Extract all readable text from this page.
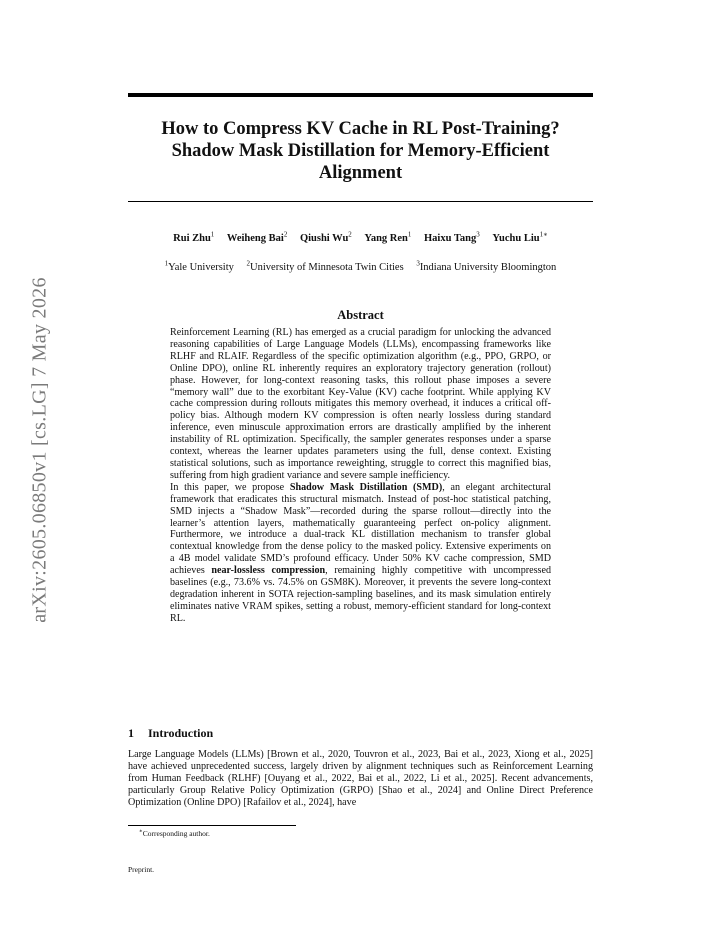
arXiv:2605.06850v1 [cs.LG] 7 May 2026
How to Compress KV Cache in RL Post-Training?
Shadow Mask Distillation for Memory-Efficient
Alignment
Rui Zhu$^1$ Weiheng Bai$^2$ Qiushi Wu$^2$ Yang Ren$^1$ Haixu Tang$^3$ Yuchu Liu$^{1∗}$
$^1$Yale University $^2$University of Minnesota Twin Cities $^3$Indiana University Bloomington
Abstract

Reinforcement Learning (RL) has emerged as a crucial paradigm for unlocking the advanced reasoning capabilities of Large Language Models (LLMs), encompassing frameworks like RLHF and RLAIF. Regardless of the specific optimization algorithm (e.g., PPO, GRPO, or Online DPO), online RL inherently requires an exploratory trajectory generation (rollout) phase. However, for long-context reasoning tasks, this rollout phase imposes a severe “memory wall” due to the exorbitant Key-Value (KV) cache footprint. While applying KV cache compression during rollouts mitigates this memory overhead, it induces a critical off-policy bias. Although modern KV compression is often nearly lossless during standard inference, even minuscule approximation errors are drastically amplified by the inherent instability of RL optimization. Specifically, the sampler generates responses under a sparse context, whereas the learner updates parameters using the full, dense context. Existing statistical solutions, such as importance reweighting, struggle to correct this magnified bias, suffering from high gradient variance and severe sample inefficiency.

In this paper, we propose Shadow Mask Distillation (SMD), an elegant architectural framework that eradicates this structural mismatch. Instead of post-hoc statistical patching, SMD injects a “Shadow Mask”—recorded during the sparse rollout—directly into the learner’s attention layers, mathematically guaranteeing perfect on-policy alignment. Furthermore, we introduce a dual-track KL distillation mechanism to transfer global contextual knowledge from the dense policy to the masked policy. Extensive experiments on a 4B model validate SMD’s profound efficacy. Under 50% KV cache compression, SMD achieves near-lossless compression, remaining highly competitive with uncompressed baselines (e.g., 73.6% vs. 74.5% on GSM8K). Moreover, it prevents the severe long-context degradation inherent in SOTA rejection-sampling baselines, and its mask simulation entirely eliminates native VRAM spikes, setting a robust, memory-efficient standard for long-context RL.

1 Introduction

Large Language Models (LLMs) [Brown et al., 2020, Touvron et al., 2023, Bai et al., 2023, Xiong et al., 2025] have achieved unprecedented success, largely driven by alignment techniques such as Reinforcement Learning from Human Feedback (RLHF) [Ouyang et al., 2022, Bai et al., 2022, Li et al., 2025]. Recent advancements, particularly Group Relative Policy Optimization (GRPO) [Shao et al., 2024] and Online Direct Preference Optimization (Online DPO) [Rafailov et al., 2024], have

∗Corresponding author.
Preprint.
